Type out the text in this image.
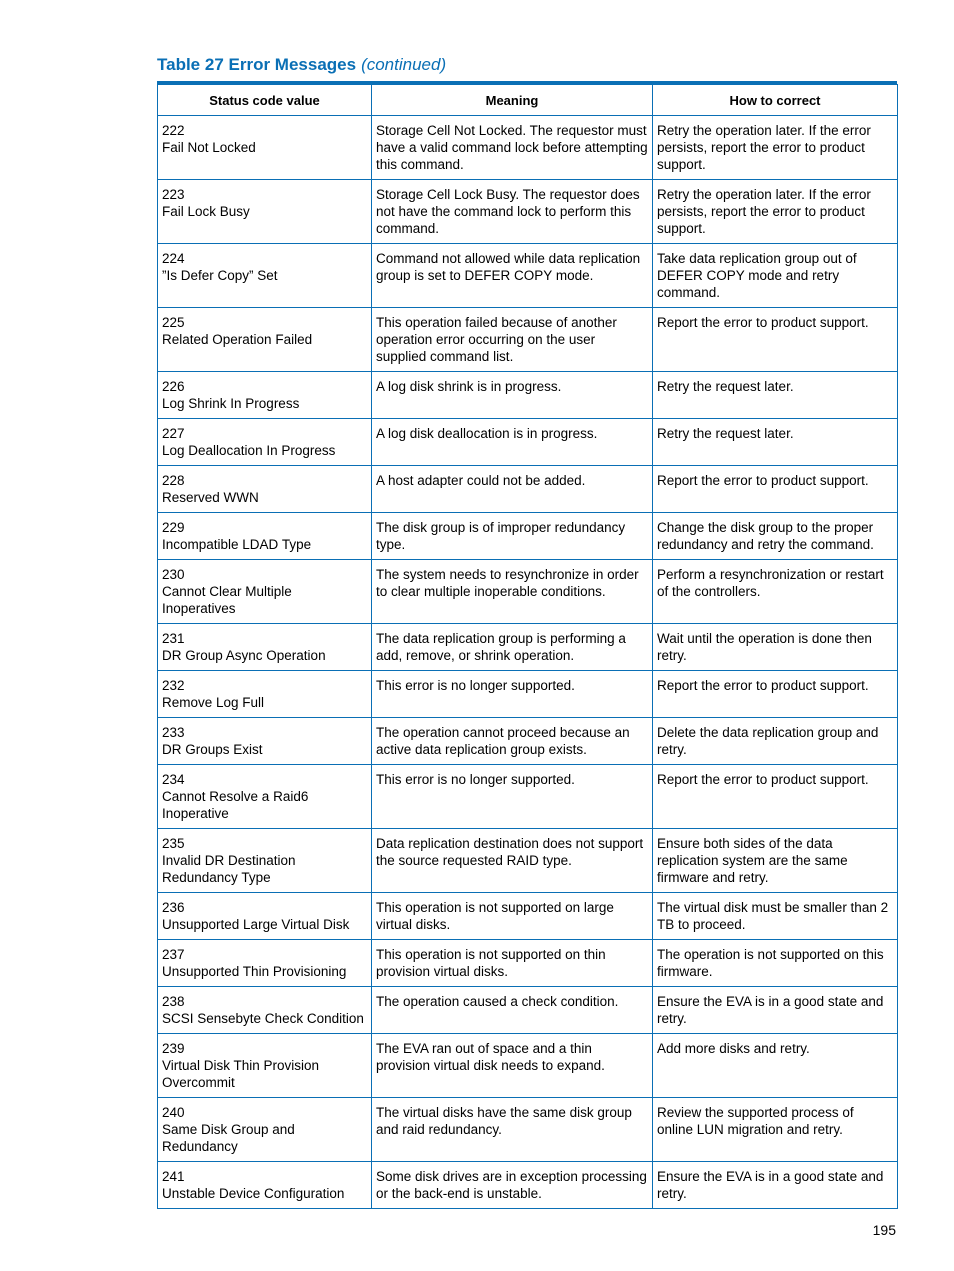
Table 27 Error Messages (continued)
Status code value	Meaning	How to correct

222
Fail Not Locked	Storage Cell Not Locked. The requestor must have a valid command lock before attempting this command.	Retry the operation later. If the error persists, report the error to product support.

223
Fail Lock Busy	Storage Cell Lock Busy. The requestor does not have the command lock to perform this command.	Retry the operation later. If the error persists, report the error to product support.

224
”Is Defer Copy” Set	Command not allowed while data replication group is set to DEFER COPY mode.	Take data replication group out of DEFER COPY mode and retry command.

225
Related Operation Failed	This operation failed because of another operation error occurring on the user supplied command list.	Report the error to product support.

226
Log Shrink In Progress	A log disk shrink is in progress.	Retry the request later.

227
Log Deallocation In Progress	A log disk deallocation is in progress.	Retry the request later.

228
Reserved WWN	A host adapter could not be added.	Report the error to product support.

229
Incompatible LDAD Type	The disk group is of improper redundancy type.	Change the disk group to the proper redundancy and retry the command.

230
Cannot Clear Multiple Inoperatives	The system needs to resynchronize in order to clear multiple inoperable conditions.	Perform a resynchronization or restart of the controllers.

231
DR Group Async Operation	The data replication group is performing a add, remove, or shrink operation.	Wait until the operation is done then retry.

232
Remove Log Full	This error is no longer supported.	Report the error to product support.

233
DR Groups Exist	The operation cannot proceed because an active data replication group exists.	Delete the data replication group and retry.

234
Cannot Resolve a Raid6 Inoperative	This error is no longer supported.	Report the error to product support.

235
Invalid DR Destination Redundancy Type	Data replication destination does not support the source requested RAID type.	Ensure both sides of the data replication system are the same firmware and retry.

236
Unsupported Large Virtual Disk	This operation is not supported on large virtual disks.	The virtual disk must be smaller than 2 TB to proceed.

237
Unsupported Thin Provisioning	This operation is not supported on thin provision virtual disks.	The operation is not supported on this firmware.

238
SCSI Sensebyte Check Condition	The operation caused a check condition.	Ensure the EVA is in a good state and retry.

239
Virtual Disk Thin Provision Overcommit	The EVA ran out of space and a thin provision virtual disk needs to expand.	Add more disks and retry.

240
Same Disk Group and Redundancy	The virtual disks have the same disk group and raid redundancy.	Review the supported process of online LUN migration and retry.

241
Unstable Device Configuration	Some disk drives are in exception processing or the back-end is unstable.	Ensure the EVA is in a good state and retry.
195
